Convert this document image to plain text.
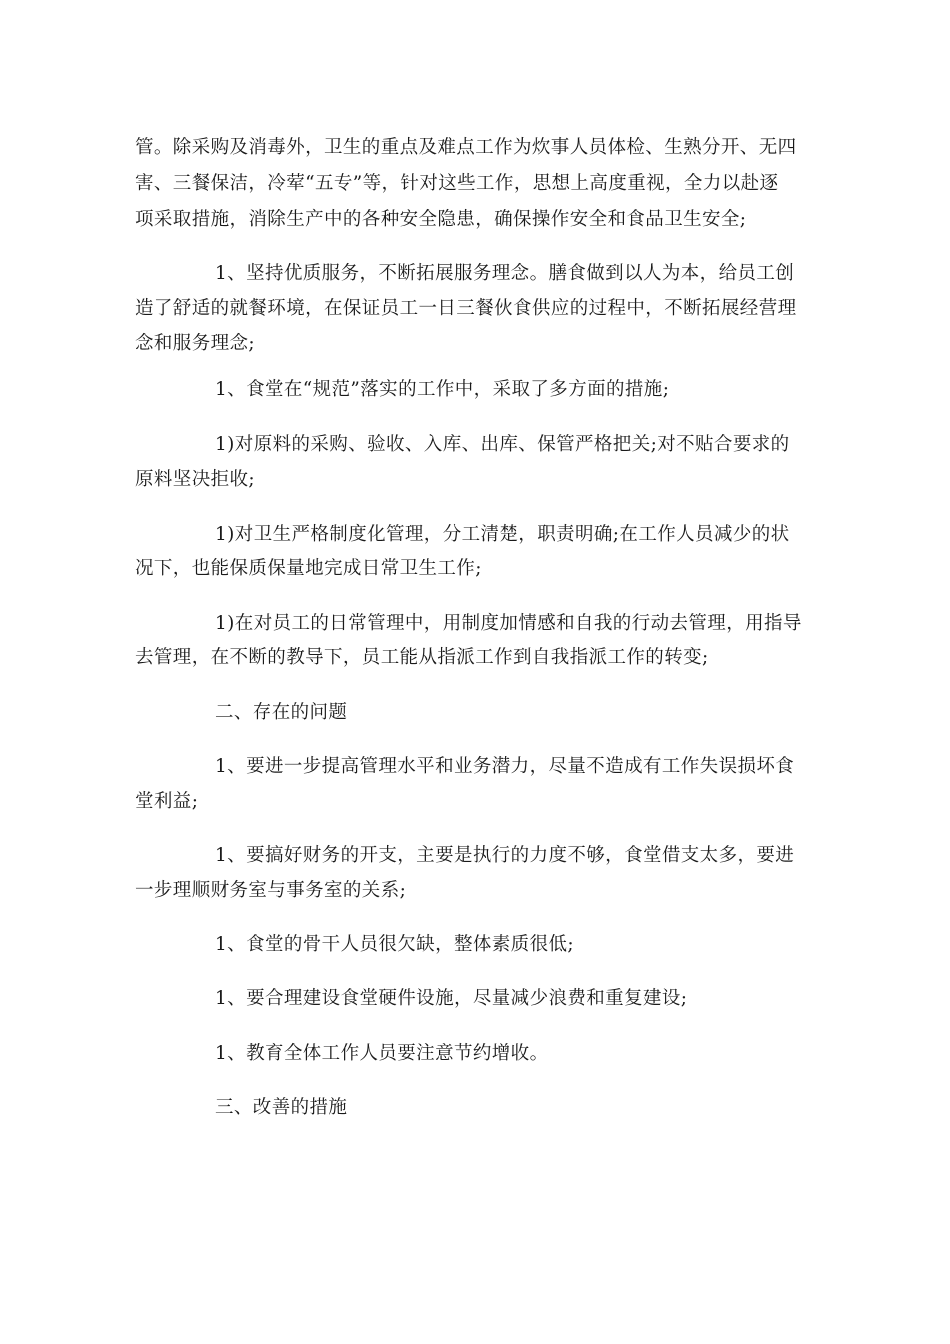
管。除采购及消毒外，卫生的重点及难点工作为炊事人员体检、生熟分开、无四
害、三餐保洁，冷荤“五专”等，针对这些工作，思想上高度重视，全力以赴逐
项采取措施，消除生产中的各种安全隐患，确保操作安全和食品卫生安全;
1、坚持优质服务，不断拓展服务理念。膳食做到以人为本，给员工创
造了舒适的就餐环境，在保证员工一日三餐伙食供应的过程中，不断拓展经营理
念和服务理念;
1、食堂在“规范”落实的工作中，采取了多方面的措施;
1)对原料的采购、验收、入库、出库、保管严格把关;对不贴合要求的
原料坚决拒收;
1)对卫生严格制度化管理，分工清楚，职责明确;在工作人员减少的状
况下，也能保质保量地完成日常卫生工作;
1)在对员工的日常管理中，用制度加情感和自我的行动去管理，用指导
去管理，在不断的教导下，员工能从指派工作到自我指派工作的转变;
二、存在的问题
1、要进一步提高管理水平和业务潜力，尽量不造成有工作失误损坏食
堂利益;
1、要搞好财务的开支，主要是执行的力度不够，食堂借支太多，要进
一步理顺财务室与事务室的关系;
1、食堂的骨干人员很欠缺，整体素质很低;
1、要合理建设食堂硬件设施，尽量减少浪费和重复建设;
1、教育全体工作人员要注意节约增收。
三、改善的措施
